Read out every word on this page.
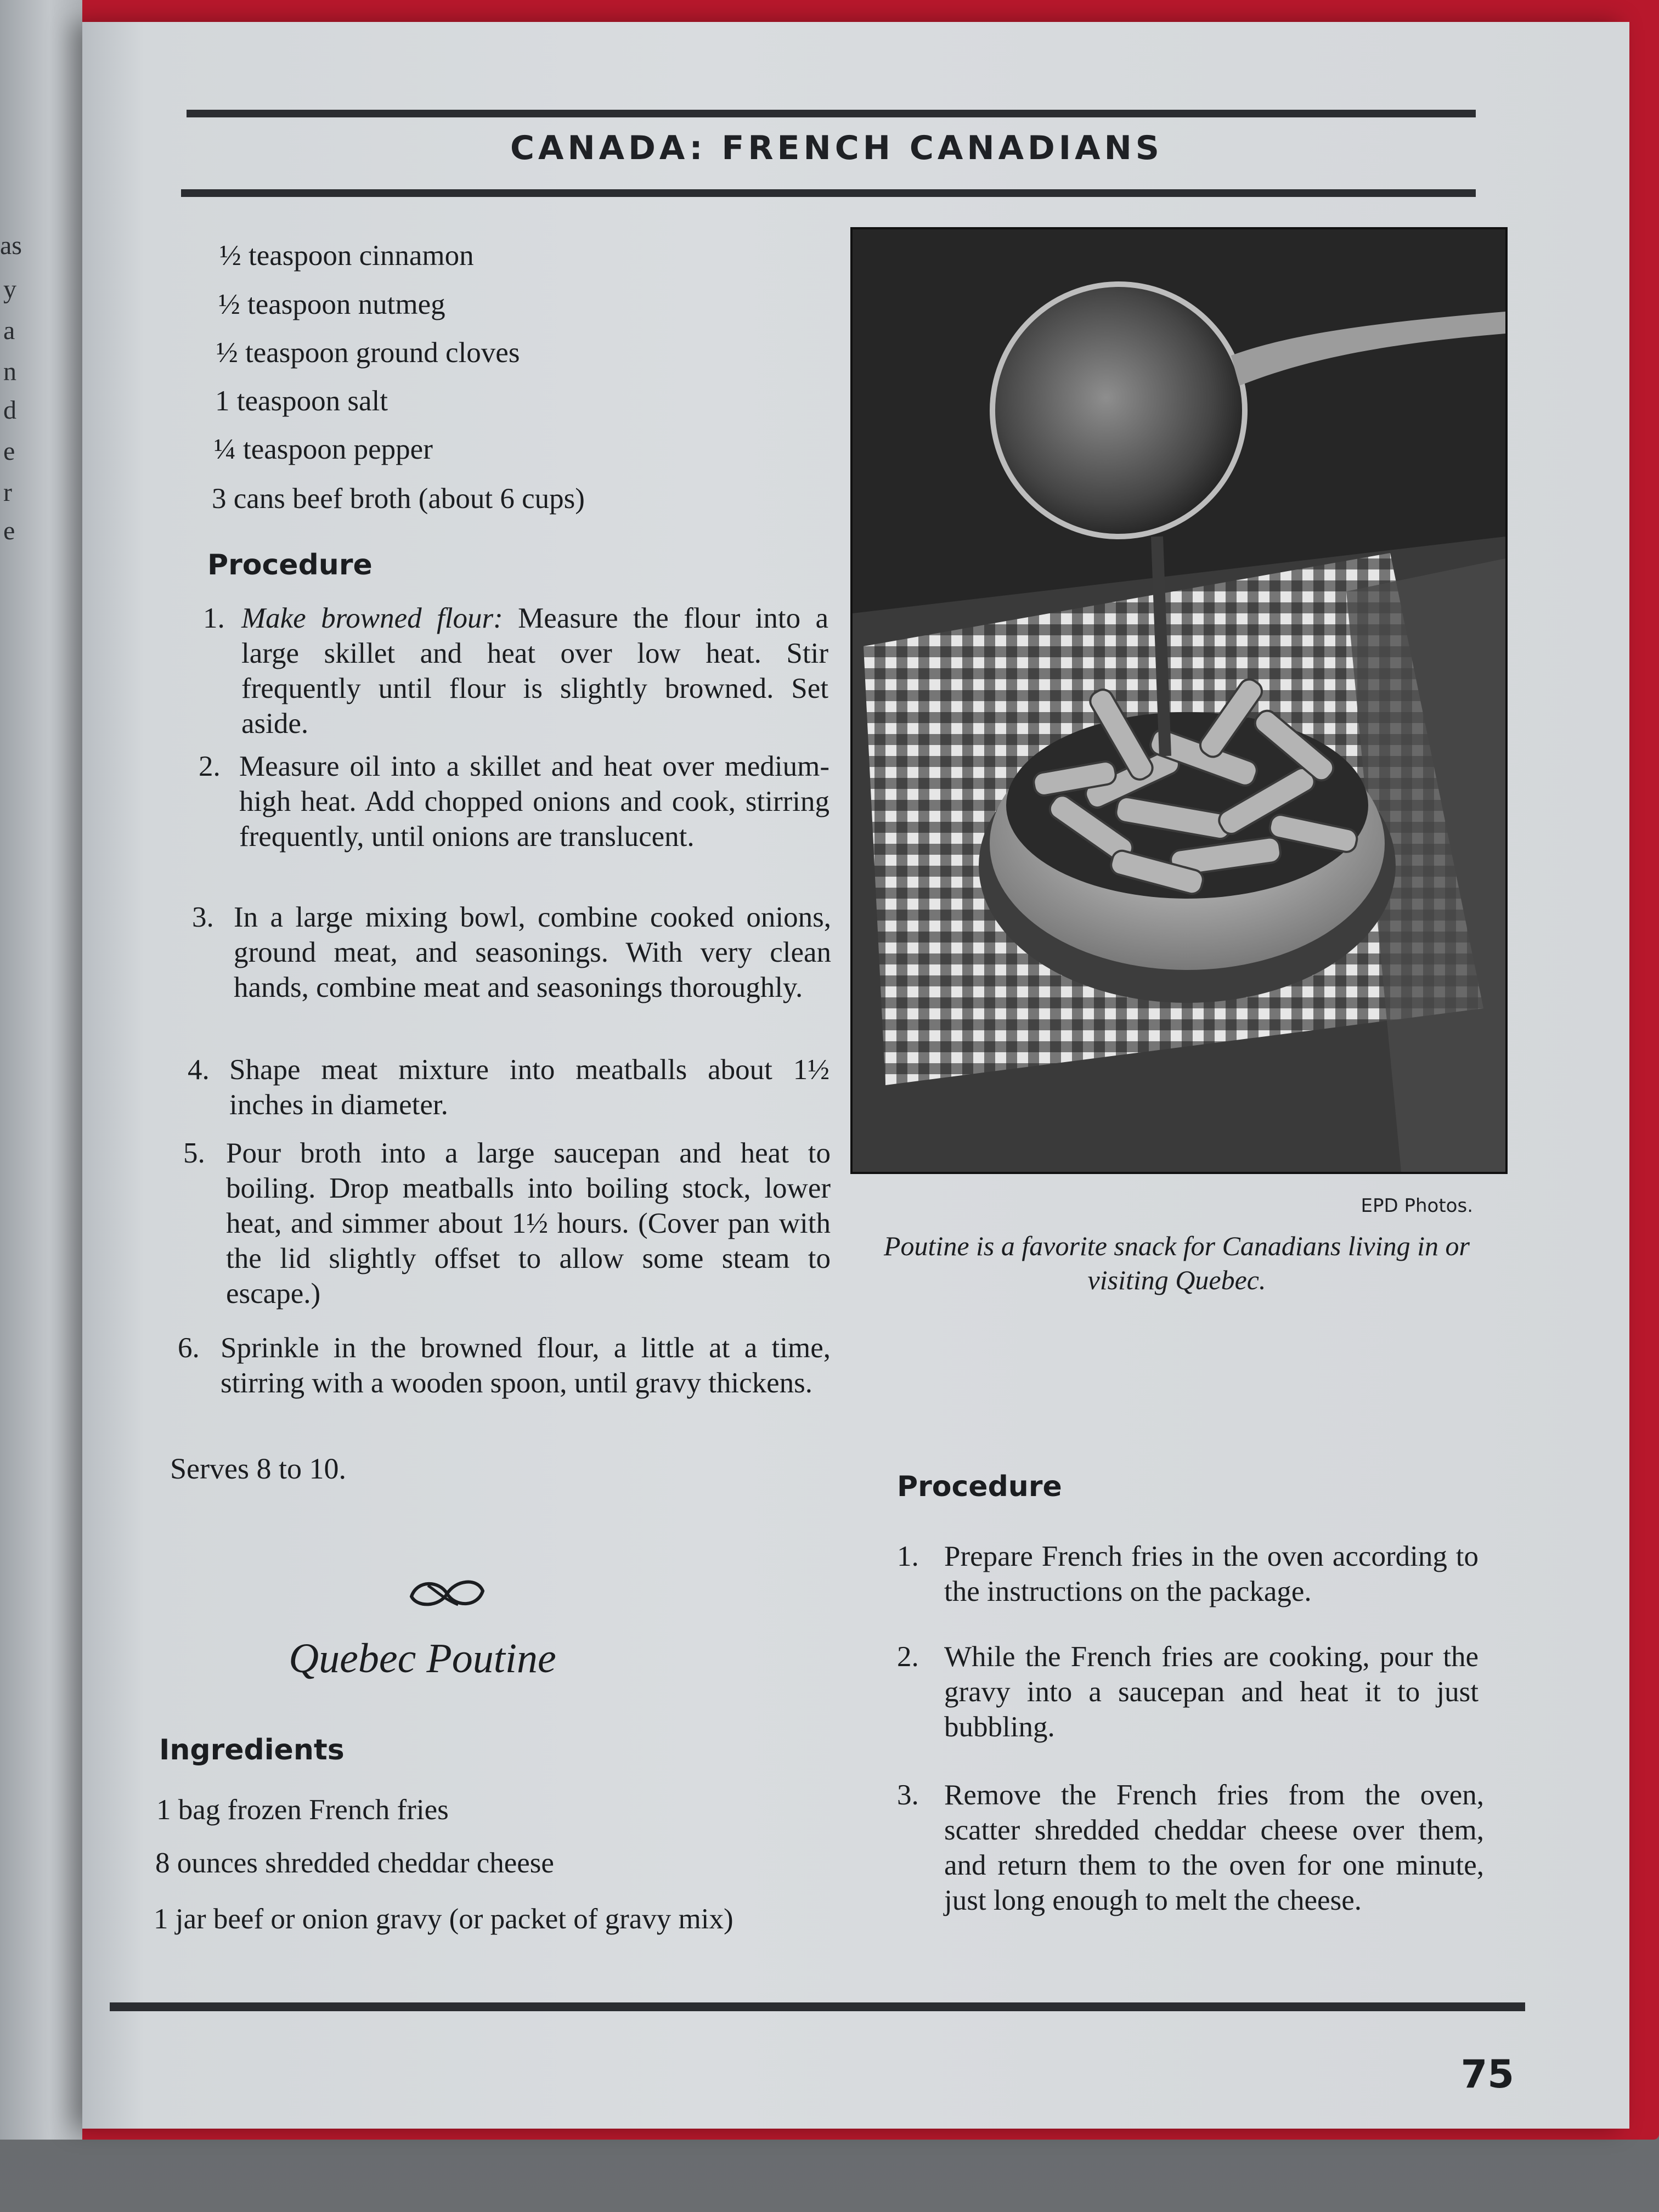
as
y
a
n
d
e
r
e
CANADA: FRENCH CANADIANS
½ teaspoon cinnamon
½ teaspoon nutmeg
½ teaspoon ground cloves
1 teaspoon salt
¼ teaspoon pepper
3 cans beef broth (about 6 cups)
Procedure
1. Make browned flour: Measure the flour into a large skillet and heat over low heat. Stir frequently until flour is slightly browned. Set aside.
2. Measure oil into a skillet and heat over medium-high heat. Add chopped onions and cook, stirring frequently, until onions are translucent.
3. In a large mixing bowl, combine cooked onions, ground meat, and seasonings. With very clean hands, combine meat and seasonings thoroughly.
4. Shape meat mixture into meatballs about 1½ inches in diameter.
5. Pour broth into a large saucepan and heat to boiling. Drop meatballs into boiling stock, lower heat, and simmer about 1½ hours. (Cover pan with the lid slightly offset to allow some steam to escape.)
6. Sprinkle in the browned flour, a little at a time, stirring with a wooden spoon, until gravy thickens.
Serves 8 to 10.
Quebec Poutine
Ingredients
1 bag frozen French fries
8 ounces shredded cheddar cheese
1 jar beef or onion gravy (or packet of gravy mix)
EPD Photos.
Poutine is a favorite snack for Canadians living in or visiting Quebec.
Procedure
1. Prepare French fries in the oven according to the instructions on the package.
2. While the French fries are cooking, pour the gravy into a saucepan and heat it to just bubbling.
3. Remove the French fries from the oven, scatter shredded cheddar cheese over them, and return them to the oven for one minute, just long enough to melt the cheese.
75
